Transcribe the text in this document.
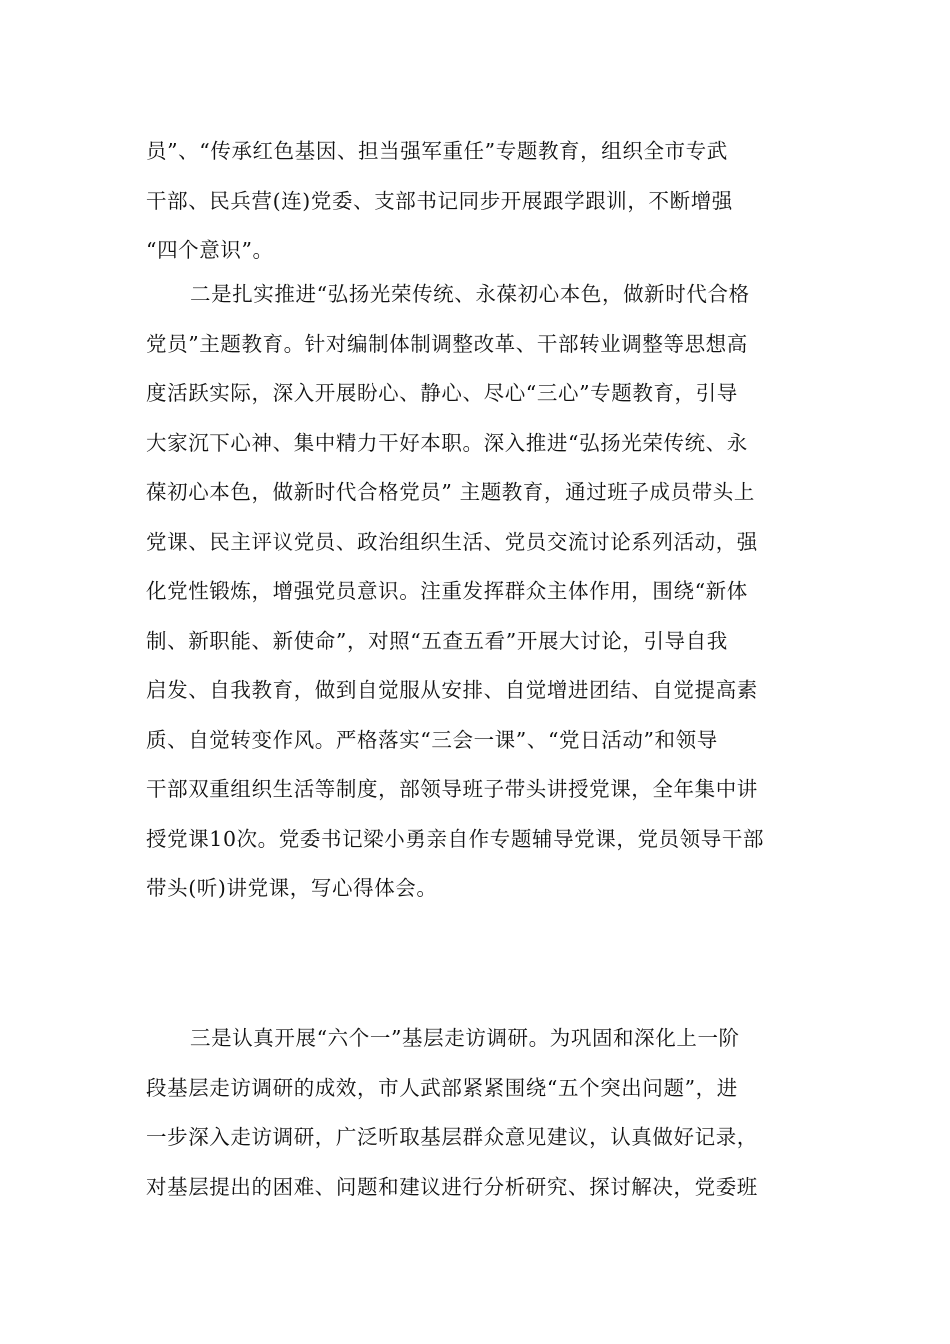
员”、“传承红色基因、担当强军重任”专题教育，组织全市专武
干部、民兵营(连)党委、支部书记同步开展跟学跟训，不断增强
“四个意识”。
二是扎实推进“弘扬光荣传统、永葆初心本色，做新时代合格
党员”主题教育。针对编制体制调整改革、干部转业调整等思想高
度活跃实际，深入开展盼心、静心、尽心“三心”专题教育，引导
大家沉下心神、集中精力干好本职。深入推进“弘扬光荣传统、永
葆初心本色，做新时代合格党员” 主题教育，通过班子成员带头上
党课、民主评议党员、政治组织生活、党员交流讨论系列活动，强
化党性锻炼，增强党员意识。注重发挥群众主体作用，围绕“新体
制、新职能、新使命”，对照“五查五看”开展大讨论，引导自我
启发、自我教育，做到自觉服从安排、自觉增进团结、自觉提高素
质、自觉转变作风。严格落实“三会一课”、“党日活动”和领导
干部双重组织生活等制度，部领导班子带头讲授党课，全年集中讲
授党课10次。党委书记梁小勇亲自作专题辅导党课，党员领导干部
带头(听)讲党课，写心得体会。
三是认真开展“六个一”基层走访调研。为巩固和深化上一阶
段基层走访调研的成效，市人武部紧紧围绕“五个突出问题”，进
一步深入走访调研，广泛听取基层群众意见建议，认真做好记录，
对基层提出的困难、问题和建议进行分析研究、探讨解决，党委班
